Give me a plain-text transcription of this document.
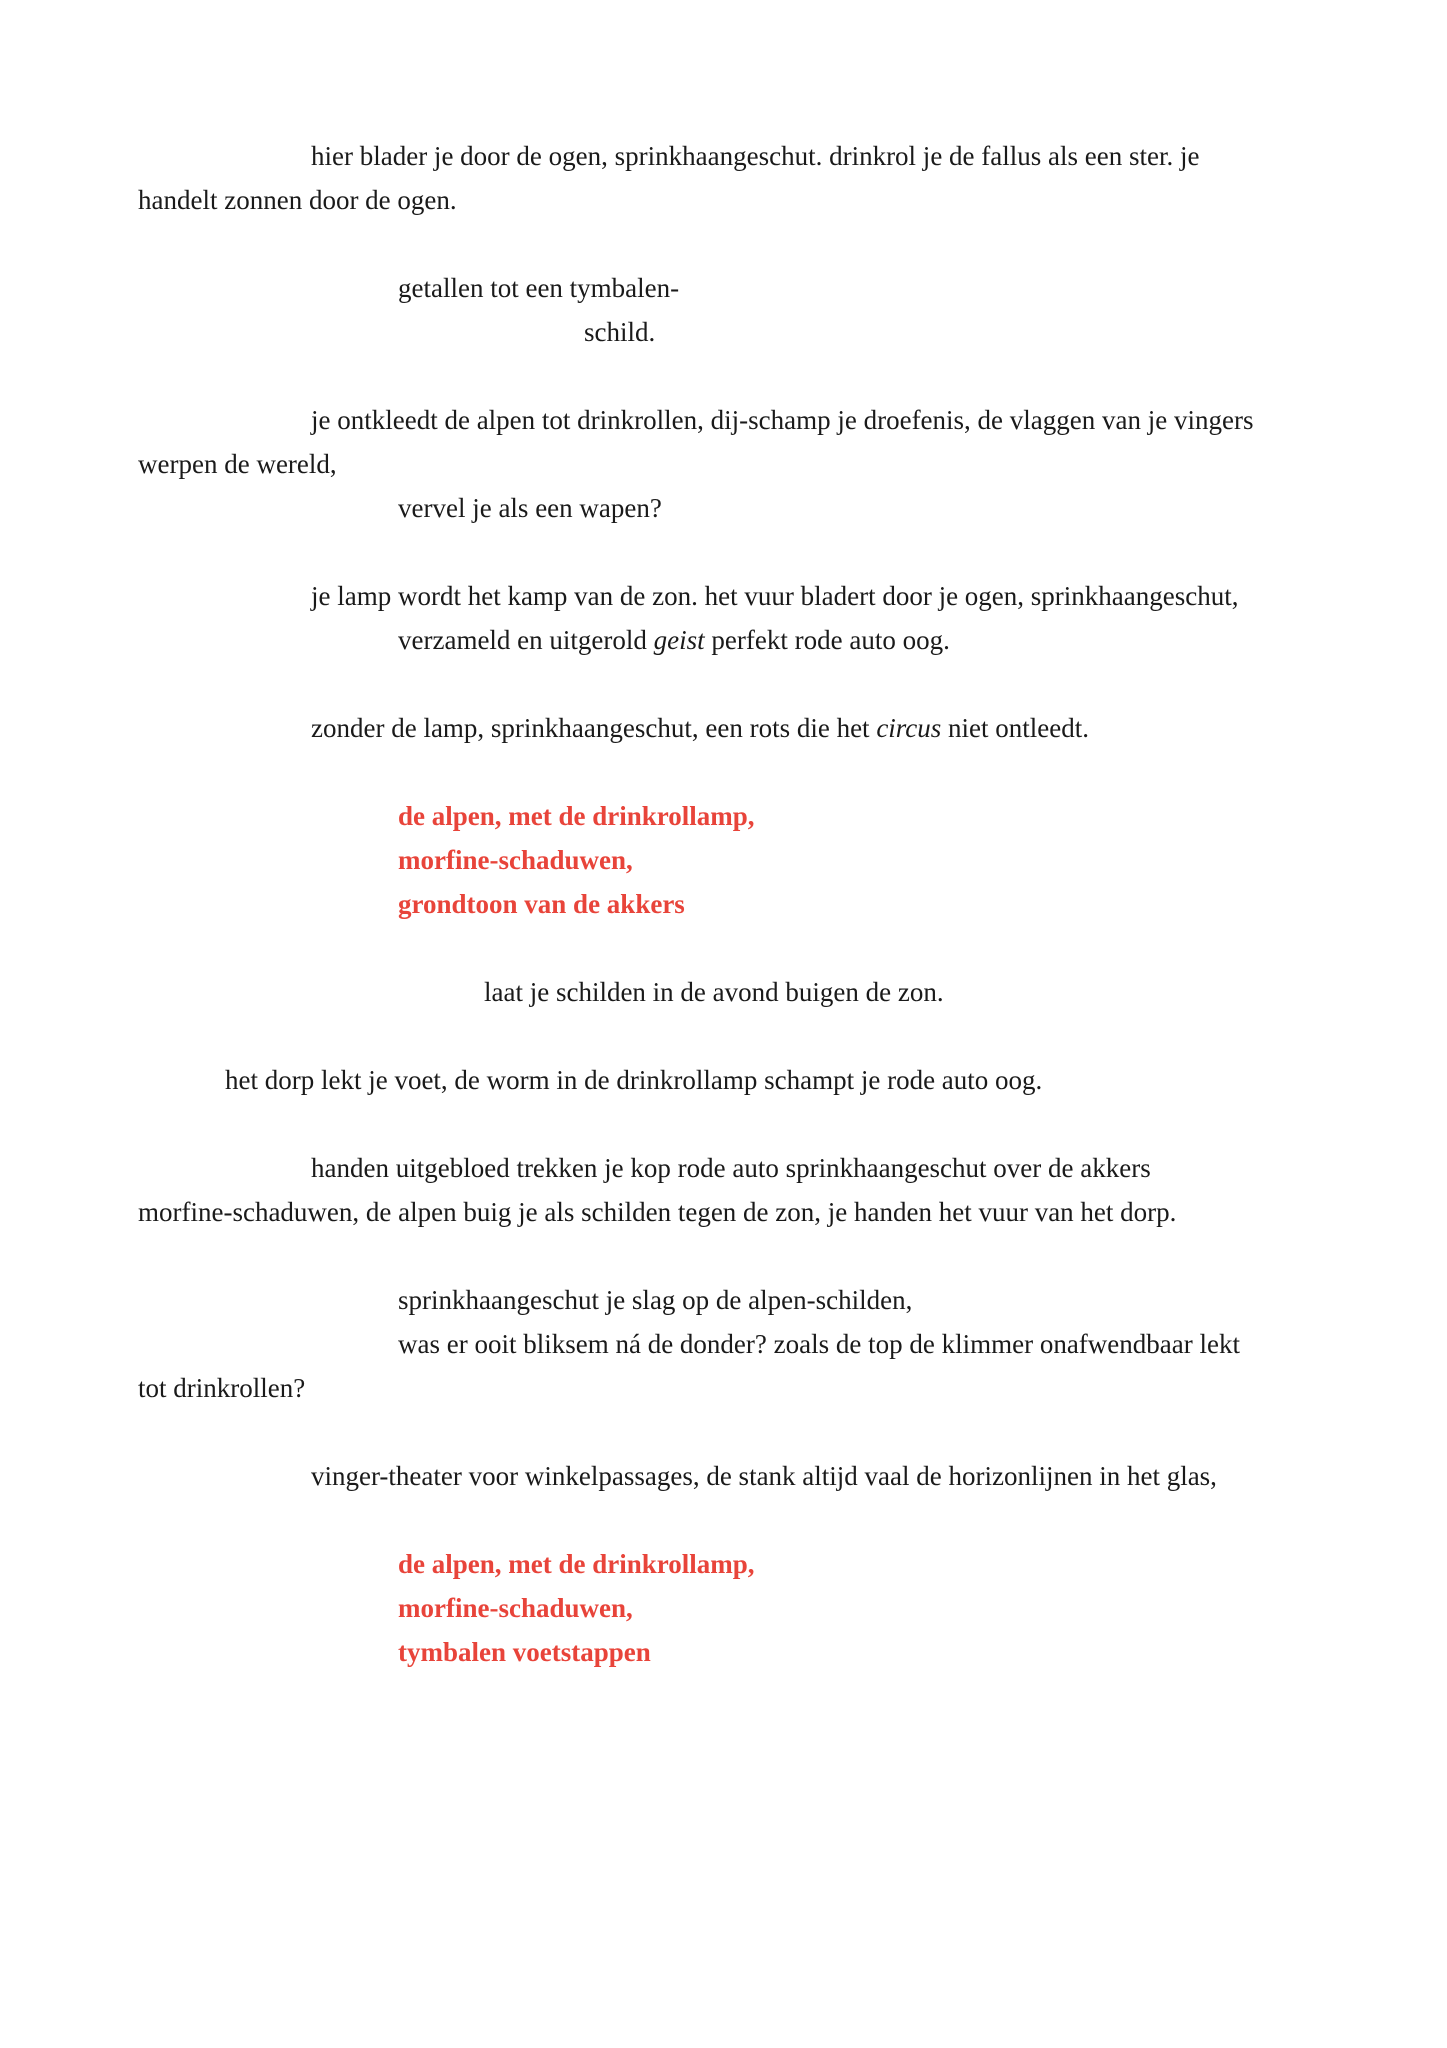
hier blader je door de ogen, sprinkhaangeschut. drinkrol je de fallus als een ster. je

handelt zonnen door de ogen.

getallen tot een tymbalen-

schild.

je ontkleedt de alpen tot drinkrollen, dij-schamp je droefenis, de vlaggen van je vingers

werpen de wereld,

vervel je als een wapen?

je lamp wordt het kamp van de zon. het vuur bladert door je ogen, sprinkhaangeschut,

verzameld en uitgerold geist perfekt rode auto oog.

zonder de lamp, sprinkhaangeschut, een rots die het circus niet ontleedt.

de alpen, met de drinkrollamp,

morfine-schaduwen,

grondtoon van de akkers

laat je schilden in de avond buigen de zon.

het dorp lekt je voet, de worm in de drinkrollamp schampt je rode auto oog.

handen uitgebloed trekken je kop rode auto sprinkhaangeschut over de akkers

morfine-schaduwen, de alpen buig je als schilden tegen de zon, je handen het vuur van het dorp.

sprinkhaangeschut je slag op de alpen-schilden,

was er ooit bliksem ná de donder? zoals de top de klimmer onafwendbaar lekt

tot drinkrollen?

vinger-theater voor winkelpassages, de stank altijd vaal de horizonlijnen in het glas,

de alpen, met de drinkrollamp,

morfine-schaduwen,

tymbalen voetstappen
